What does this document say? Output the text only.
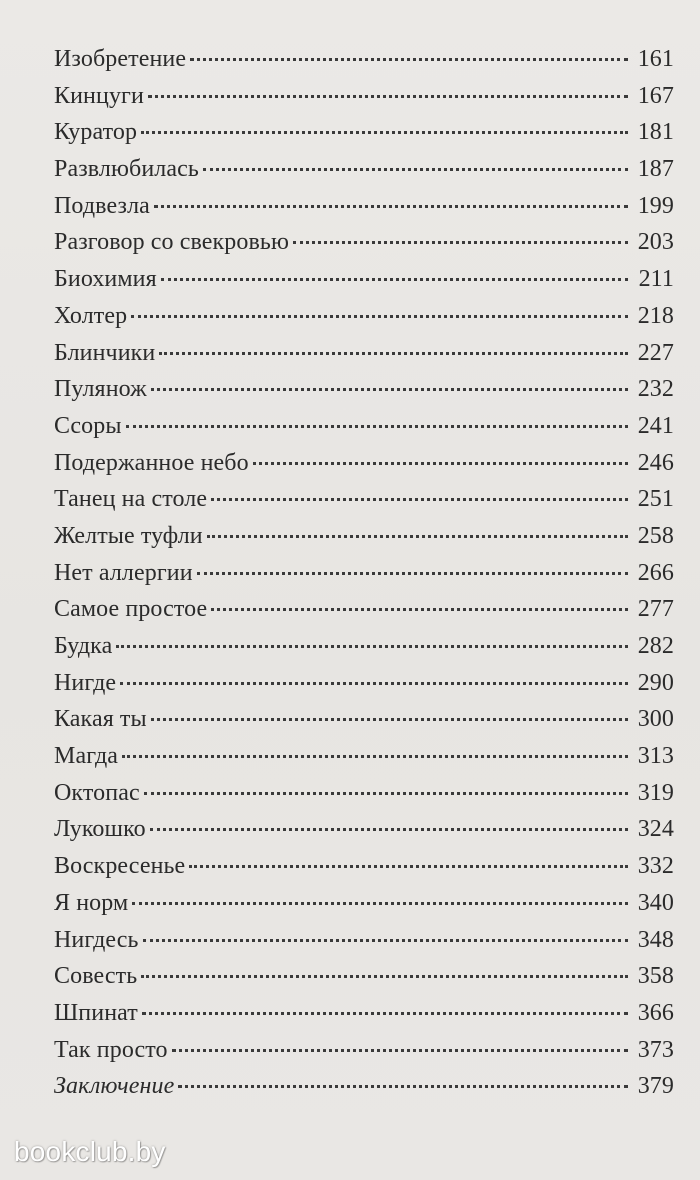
Изобретение	161
Кинцуги	167
Куратор	181
Развлюбилась	187
Подвезла	199
Разговор со свекровью	203
Биохимия	211
Холтер	218
Блинчики	227
Пулянож	232
Ссоры	241
Подержанное небо	246
Танец на столе	251
Желтые туфли	258
Нет аллергии	266
Самое простое	277
Будка	282
Нигде	290
Какая ты	300
Магда	313
Октопас	319
Лукошко	324
Воскресенье	332
Я норм	340
Нигдесь	348
Совесть	358
Шпинат	366
Так просто	373
Заключение	379
bookclub.by
